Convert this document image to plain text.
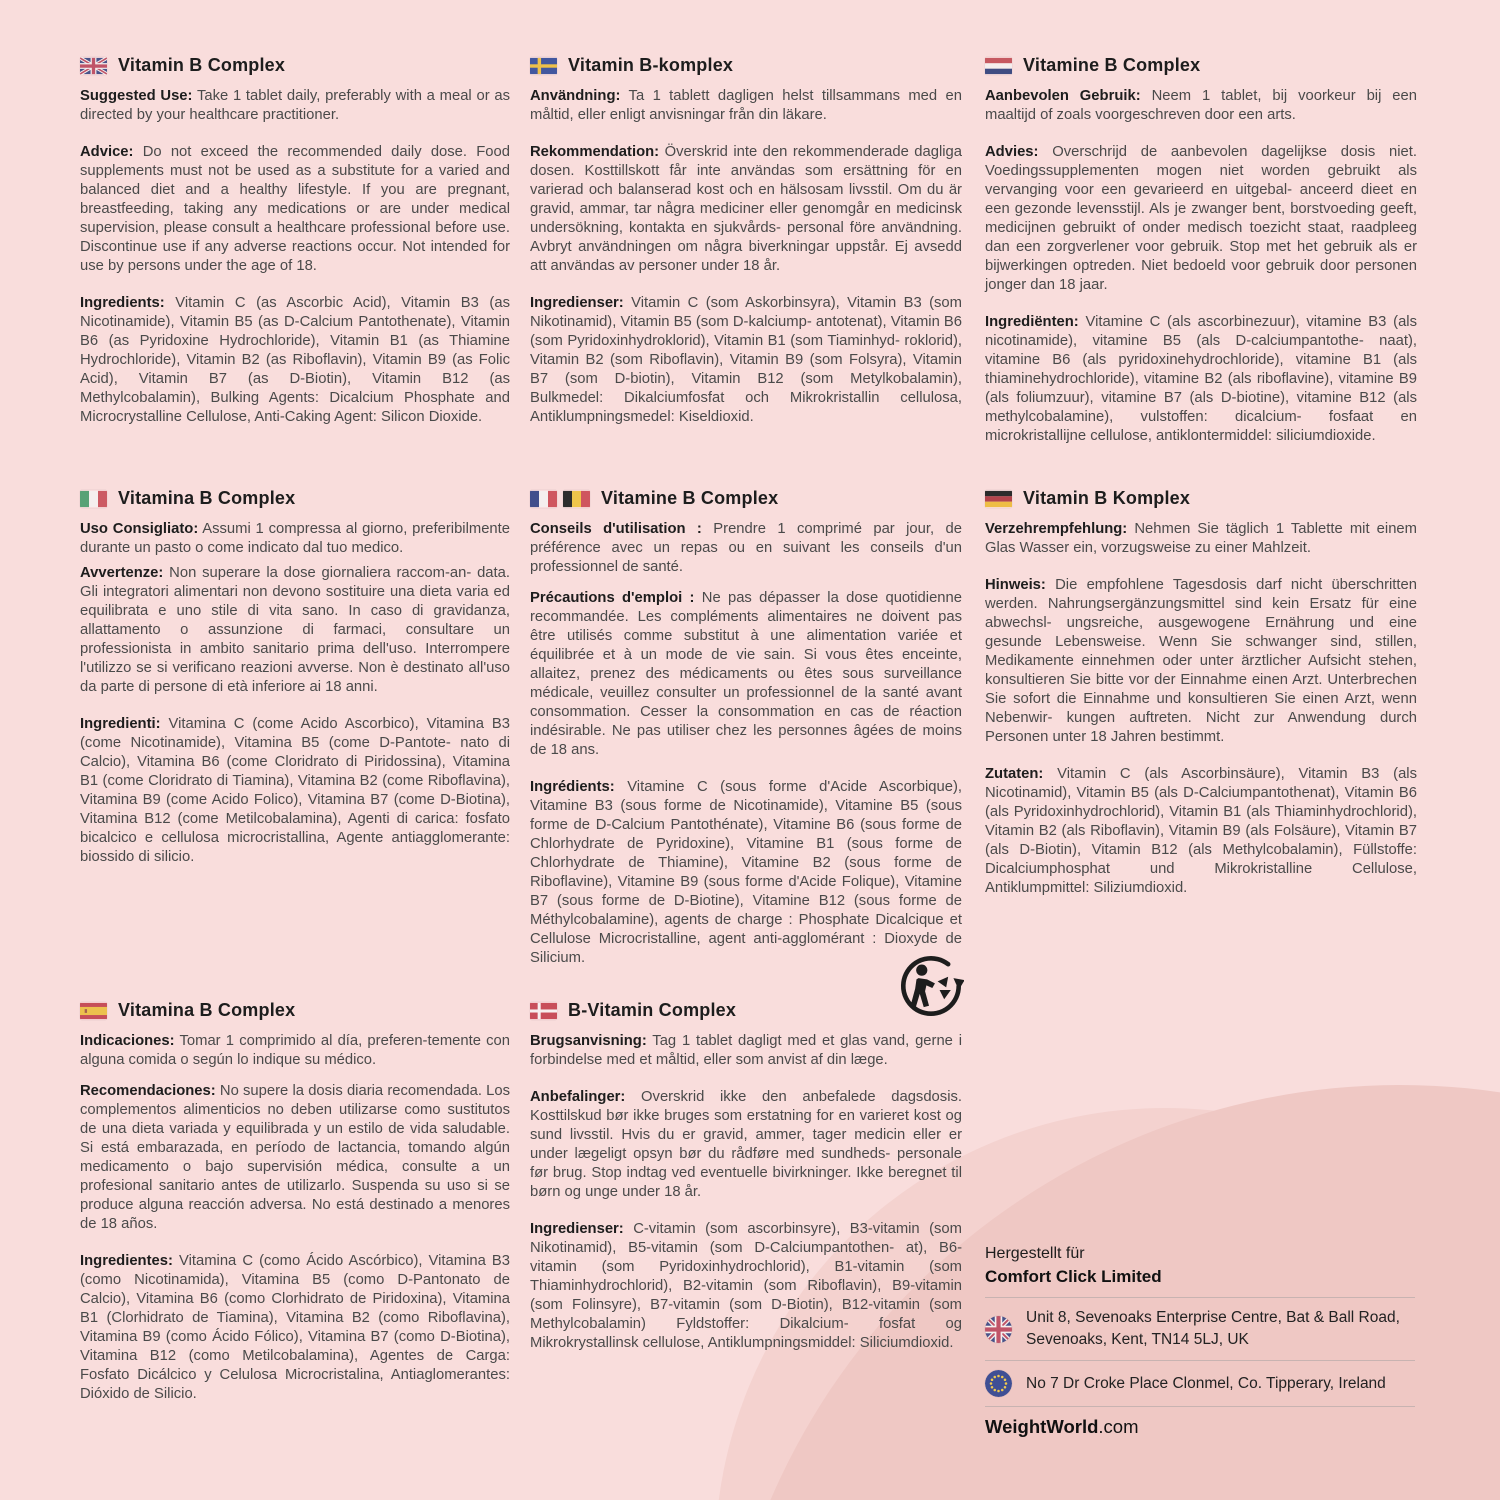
Vitamin B Complex

Suggested Use: Take 1 tablet daily, preferably with a meal or as directed by your healthcare practitioner.

Advice: Do not exceed the recommended daily dose. Food supplements must not be used as a substitute for a varied and balanced diet and a healthy lifestyle. If you are pregnant, breastfeeding, taking any medications or are under medical supervision, please consult a healthcare professional before use. Discontinue use if any adverse reactions occur. Not intended for use by persons under the age of 18.

Ingredients: Vitamin C (as Ascorbic Acid), Vitamin B3 (as Nicotinamide), Vitamin B5 (as D-Calcium Pantothenate), Vitamin B6 (as Pyridoxine Hydrochloride), Vitamin B1 (as Thiamine Hydrochloride), Vitamin B2 (as Riboflavin), Vitamin B9 (as Folic Acid), Vitamin B7 (as D-Biotin), Vitamin B12 (as Methylcobalamin), Bulking Agents: Dicalcium Phosphate and Microcrystalline Cellulose, Anti-Caking Agent: Silicon Dioxide.

Vitamina B Complex

Uso Consigliato: Assumi 1 compressa al giorno, preferibilmente durante un pasto o come indicato dal tuo medico.

Avvertenze: Non superare la dose giornaliera raccom-an- data. Gli integratori alimentari non devono sostituire una dieta varia ed equilibrata e uno stile di vita sano. In caso di gravidanza, allattamento o assunzione di farmaci, consultare un professionista in ambito sanitario prima dell'uso. Interrompere l'utilizzo se si verificano reazioni avverse. Non è destinato all'uso da parte di persone di età inferiore ai 18 anni.

Ingredienti: Vitamina C (come Acido Ascorbico), Vitamina B3 (come Nicotinamide), Vitamina B5 (come D-Pantote- nato di Calcio), Vitamina B6 (come Cloridrato di Piridossina), Vitamina B1 (come Cloridrato di Tiamina), Vitamina B2 (come Riboflavina), Vitamina B9 (come Acido Folico), Vitamina B7 (come D-Biotina), Vitamina B12 (come Metilcobalamina), Agenti di carica: fosfato bicalcico e cellulosa microcristallina, Agente antiagglomerante: biossido di silicio.

Vitamina B Complex

Indicaciones: Tomar 1 comprimido al día, preferen-temente con alguna comida o según lo indique su médico.

Recomendaciones: No supere la dosis diaria recomendada. Los complementos alimenticios no deben utilizarse como sustitutos de una dieta variada y equilibrada y un estilo de vida saludable. Si está embarazada, en período de lactancia, tomando algún medicamento o bajo supervisión médica, consulte a un profesional sanitario antes de utilizarlo. Suspenda su uso si se produce alguna reacción adversa. No está destinado a menores de 18 años.

Ingredientes: Vitamina C (como Ácido Ascórbico), Vitamina B3 (como Nicotinamida), Vitamina B5 (como D-Pantonato de Calcio), Vitamina B6 (como Clorhidrato de Piridoxina), Vitamina B1 (Clorhidrato de Tiamina), Vitamina B2 (como Riboflavina), Vitamina B9 (como Ácido Fólico), Vitamina B7 (como D-Biotina), Vitamina B12 (como Metilcobalamina), Agentes de Carga: Fosfato Dicálcico y Celulosa Microcristalina, Antiaglomerantes: Dióxido de Silicio.

Vitamin B-komplex

Användning: Ta 1 tablett dagligen helst tillsammans med en måltid, eller enligt anvisningar från din läkare.

Rekommendation: Överskrid inte den rekommenderade dagliga dosen. Kosttillskott får inte användas som ersättning för en varierad och balanserad kost och en hälsosam livsstil. Om du är gravid, ammar, tar några mediciner eller genomgår en medicinsk undersökning, kontakta en sjukvårds- personal före användning. Avbryt användningen om några biverkningar uppstår. Ej avsedd att användas av personer under 18 år.

Ingredienser: Vitamin C (som Askorbinsyra), Vitamin B3 (som Nikotinamid), Vitamin B5 (som D-kalciump- antotenat), Vitamin B6 (som Pyridoxinhydroklorid), Vitamin B1 (som Tiaminhyd- roklorid), Vitamin B2 (som Riboflavin), Vitamin B9 (som Folsyra), Vitamin B7 (som D-biotin), Vitamin B12 (som Metylkobalamin), Bulkmedel: Dikalciumfosfat och Mikrokristallin cellulosa, Antiklumpningsmedel: Kiseldioxid.

Vitamine B Complex

Conseils d'utilisation : Prendre 1 comprimé par jour, de préférence avec un repas ou en suivant les conseils d'un professionnel de santé.

Précautions d'emploi : Ne pas dépasser la dose quotidienne recommandée. Les compléments alimentaires ne doivent pas être utilisés comme substitut à une alimentation variée et équilibrée et à un mode de vie sain. Si vous êtes enceinte, allaitez, prenez des médicaments ou êtes sous surveillance médicale, veuillez consulter un professionnel de la santé avant consommation. Cesser la consommation en cas de réaction indésirable. Ne pas utiliser chez les personnes âgées de moins de 18 ans.

Ingrédients: Vitamine C (sous forme d'Acide Ascorbique), Vitamine B3 (sous forme de Nicotinamide), Vitamine B5 (sous forme de D-Calcium Pantothénate), Vitamine B6 (sous forme de Chlorhydrate de Pyridoxine), Vitamine B1 (sous forme de Chlorhydrate de Thiamine), Vitamine B2 (sous forme de Riboflavine), Vitamine B9 (sous forme d'Acide Folique), Vitamine B7 (sous forme de D-Biotine), Vitamine B12 (sous forme de Méthylcobalamine), agents de charge : Phosphate Dicalcique et Cellulose Microcristalline, agent anti-agglomérant : Dioxyde de Silicium.

B-Vitamin Complex

Brugsanvisning: Tag 1 tablet dagligt med et glas vand, gerne i forbindelse med et måltid, eller som anvist af din læge.

Anbefalinger: Overskrid ikke den anbefalede dagsdosis. Kosttilskud bør ikke bruges som erstatning for en varieret kost og sund livsstil. Hvis du er gravid, ammer, tager medicin eller er under lægeligt opsyn bør du rådføre med sundheds- personale før brug. Stop indtag ved eventuelle bivirkninger. Ikke beregnet til børn og unge under 18 år.

Ingredienser: C-vitamin (som ascorbinsyre), B3-vitamin (som Nikotinamid), B5-vitamin (som D-Calciumpantothen- at), B6-vitamin (som Pyridoxinhydrochlorid), B1-vitamin (som Thiaminhydrochlorid), B2-vitamin (som Riboflavin), B9-vitamin (som Folinsyre), B7-vitamin (som D-Biotin), B12-vitamin (som Methylcobalamin) Fyldstoffer: Dikalcium- fosfat og Mikrokrystallinsk cellulose, Antiklumpningsmiddel: Siliciumdioxid.

Vitamine B Complex

Aanbevolen Gebruik: Neem 1 tablet, bij voorkeur bij een maaltijd of zoals voorgeschreven door een arts.

Advies: Overschrijd de aanbevolen dagelijkse dosis niet. Voedingssupplementen mogen niet worden gebruikt als vervanging voor een gevarieerd en uitgebal- anceerd dieet en een gezonde levensstijl. Als je zwanger bent, borstvoeding geeft, medicijnen gebruikt of onder medisch toezicht staat, raadpleeg dan een zorgverlener voor gebruik. Stop met het gebruik als er bijwerkingen optreden. Niet bedoeld voor gebruik door personen jonger dan 18 jaar.

Ingrediënten: Vitamine C (als ascorbinezuur), vitamine B3 (als nicotinamide), vitamine B5 (als D-calciumpantothe- naat), vitamine B6 (als pyridoxinehydrochloride), vitamine B1 (als thiaminehydrochloride), vitamine B2 (als riboflavine), vitamine B9 (als foliumzuur), vitamine B7 (als D-biotine), vitamine B12 (als methylcobalamine), vulstoffen: dicalcium- fosfaat en microkristallijne cellulose, antiklontermiddel: siliciumdioxide.

Vitamin B Komplex

Verzehrempfehlung: Nehmen Sie täglich 1 Tablette mit einem Glas Wasser ein, vorzugsweise zu einer Mahlzeit.

Hinweis: Die empfohlene Tagesdosis darf nicht überschritten werden. Nahrungsergänzungsmittel sind kein Ersatz für eine abwechsl- ungsreiche, ausgewogene Ernährung und eine gesunde Lebensweise. Wenn Sie schwanger sind, stillen, Medikamente einnehmen oder unter ärztlicher Aufsicht stehen, konsultieren Sie bitte vor der Einnahme einen Arzt. Unterbrechen Sie sofort die Einnahme und konsultieren Sie einen Arzt, wenn Nebenwir- kungen auftreten. Nicht zur Anwendung durch Personen unter 18 Jahren bestimmt.

Zutaten: Vitamin C (als Ascorbinsäure), Vitamin B3 (als Nicotinamid), Vitamin B5 (als D-Calciumpantothenat), Vitamin B6 (als Pyridoxinhydrochlorid), Vitamin B1 (als Thiaminhydrochlorid), Vitamin B2 (als Riboflavin), Vitamin B9 (als Folsäure), Vitamin B7 (als D-Biotin), Vitamin B12 (als Methylcobalamin), Füllstoffe: Dicalciumphosphat und Mikrokristalline Cellulose, Antiklumpmittel: Siliziumdioxid.

Hergestellt für
Comfort Click Limited

Unit 8, Sevenoaks Enterprise Centre, Bat & Ball Road, Sevenoaks, Kent, TN14 5LJ, UK

No 7 Dr Croke Place Clonmel, Co. Tipperary, Ireland

WeightWorld.com
